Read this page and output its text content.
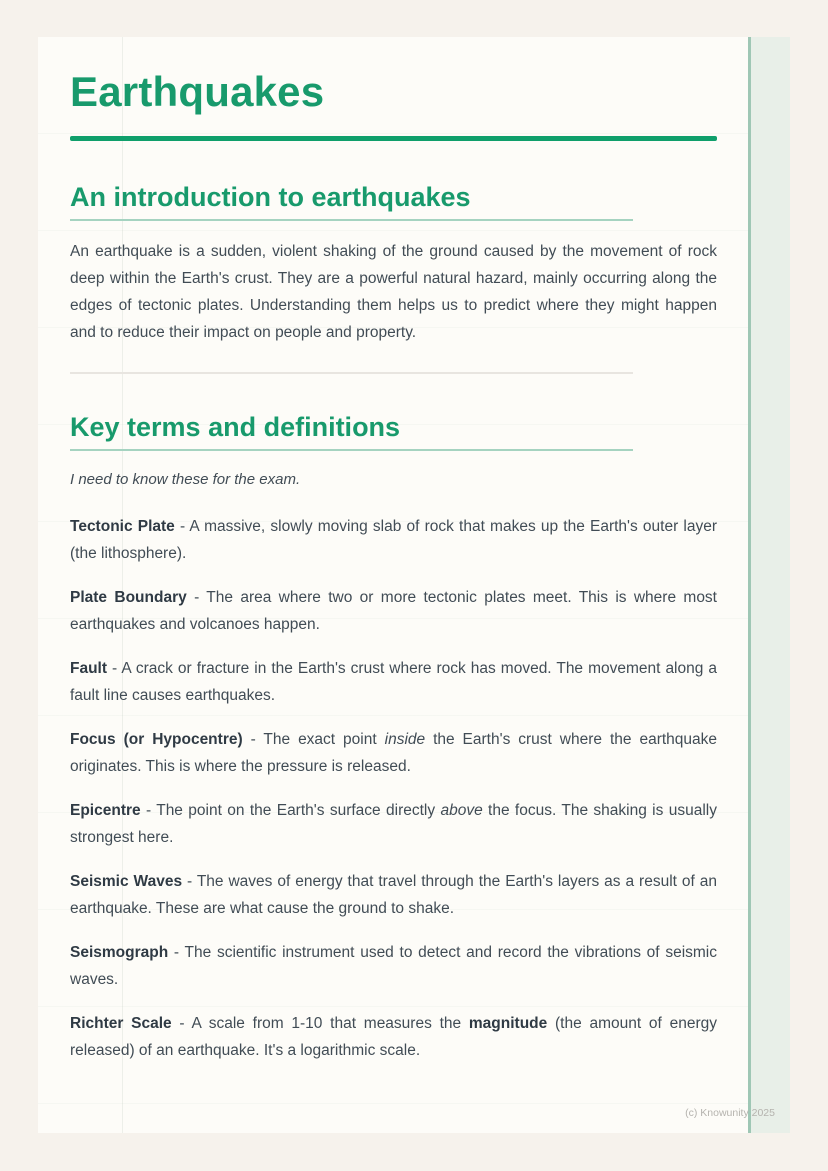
Earthquakes
An introduction to earthquakes

An earthquake is a sudden, violent shaking of the ground caused by the movement of rock deep within the Earth's crust. They are a powerful natural hazard, mainly occurring along the edges of tectonic plates. Understanding them helps us to predict where they might happen and to reduce their impact on people and property.

Key terms and definitions

I need to know these for the exam.

Tectonic Plate - A massive, slowly moving slab of rock that makes up the Earth's outer layer (the lithosphere).

Plate Boundary - The area where two or more tectonic plates meet. This is where most earthquakes and volcanoes happen.

Fault - A crack or fracture in the Earth's crust where rock has moved. The movement along a fault line causes earthquakes.

Focus (or Hypocentre) - The exact point inside the Earth's crust where the earthquake originates. This is where the pressure is released.

Epicentre - The point on the Earth's surface directly above the focus. The shaking is usually strongest here.

Seismic Waves - The waves of energy that travel through the Earth's layers as a result of an earthquake. These are what cause the ground to shake.

Seismograph - The scientific instrument used to detect and record the vibrations of seismic waves.

Richter Scale - A scale from 1-10 that measures the magnitude (the amount of energy released) of an earthquake. It's a logarithmic scale.

(c) Knowunity 2025
